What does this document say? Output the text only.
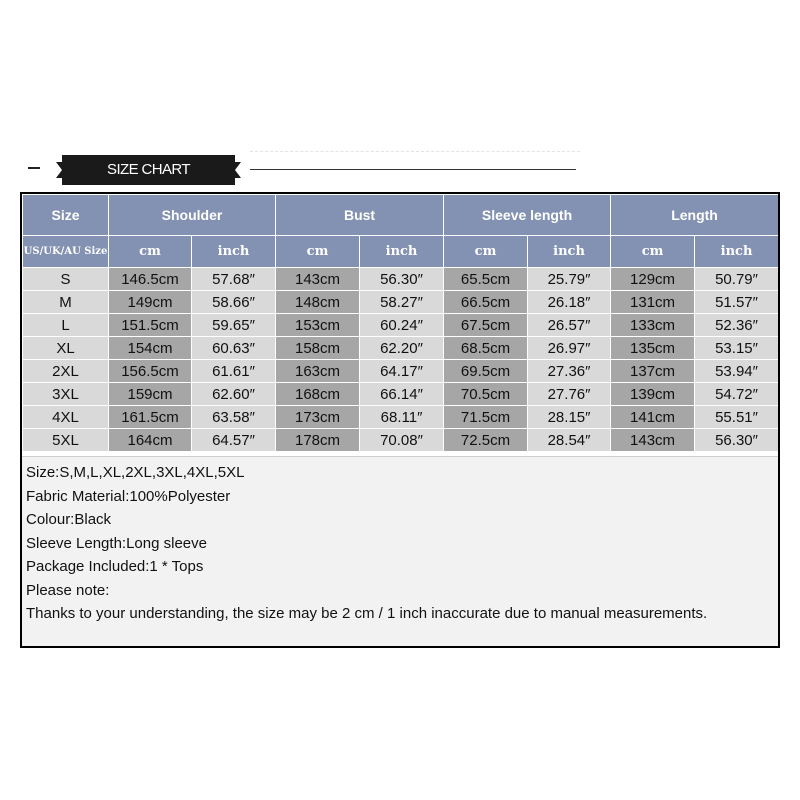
SIZE CHART
Size	Shoulder		Bust		Sleeve length		Length	
US/UK/AU Size	cm	inch	cm	inch	cm	inch	cm	inch
S	146.5cm	57.68″	143cm	56.30″	65.5cm	25.79″	129cm	50.79″
M	149cm	58.66″	148cm	58.27″	66.5cm	26.18″	131cm	51.57″
L	151.5cm	59.65″	153cm	60.24″	67.5cm	26.57″	133cm	52.36″
XL	154cm	60.63″	158cm	62.20″	68.5cm	26.97″	135cm	53.15″
2XL	156.5cm	61.61″	163cm	64.17″	69.5cm	27.36″	137cm	53.94″
3XL	159cm	62.60″	168cm	66.14″	70.5cm	27.76″	139cm	54.72″
4XL	161.5cm	63.58″	173cm	68.11″	71.5cm	28.15″	141cm	55.51″
5XL	164cm	64.57″	178cm	70.08″	72.5cm	28.54″	143cm	56.30″
Size:S,M,L,XL,2XL,3XL,4XL,5XL
Fabric Material:100%Polyester
Colour:Black
Sleeve Length:Long sleeve
Package Included:1 * Tops
Please note:
Thanks to your understanding, the size may be 2 cm / 1 inch inaccurate due to manual measurements.
